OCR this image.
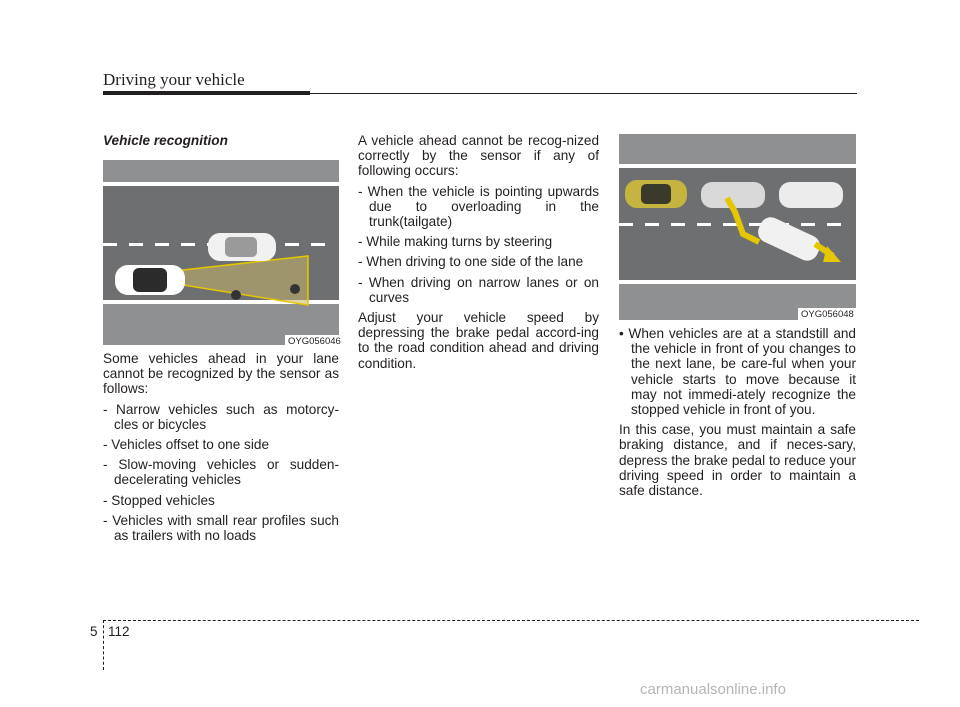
Driving your vehicle

Vehicle recognition

OYG056046

Some vehicles ahead in your lane cannot be recognized by the sensor as follows:

- Narrow vehicles such as motorcy-cles or bicycles

- Vehicles offset to one side

- Slow-moving vehicles or sudden-decelerating vehicles

- Stopped vehicles

- Vehicles with small rear profiles such as trailers with no loads

A vehicle ahead cannot be recog-nized correctly by the sensor if any of following occurs:

- When the vehicle is pointing upwards due to overloading in the trunk(tailgate)

- While making turns by steering

- When driving to one side of the lane

- When driving on narrow lanes or on curves

Adjust your vehicle speed by depressing the brake pedal accord-ing to the road condition ahead and driving condition.

OYG056048

• When vehicles are at a standstill and the vehicle in front of you changes to the next lane, be care-ful when your vehicle starts to move because it may not immedi-ately recognize the stopped vehicle in front of you.

In this case, you must maintain a safe braking distance, and if neces-sary, depress the brake pedal to reduce your driving speed in order to maintain a safe distance.

5 112
carmanualsonline.info
